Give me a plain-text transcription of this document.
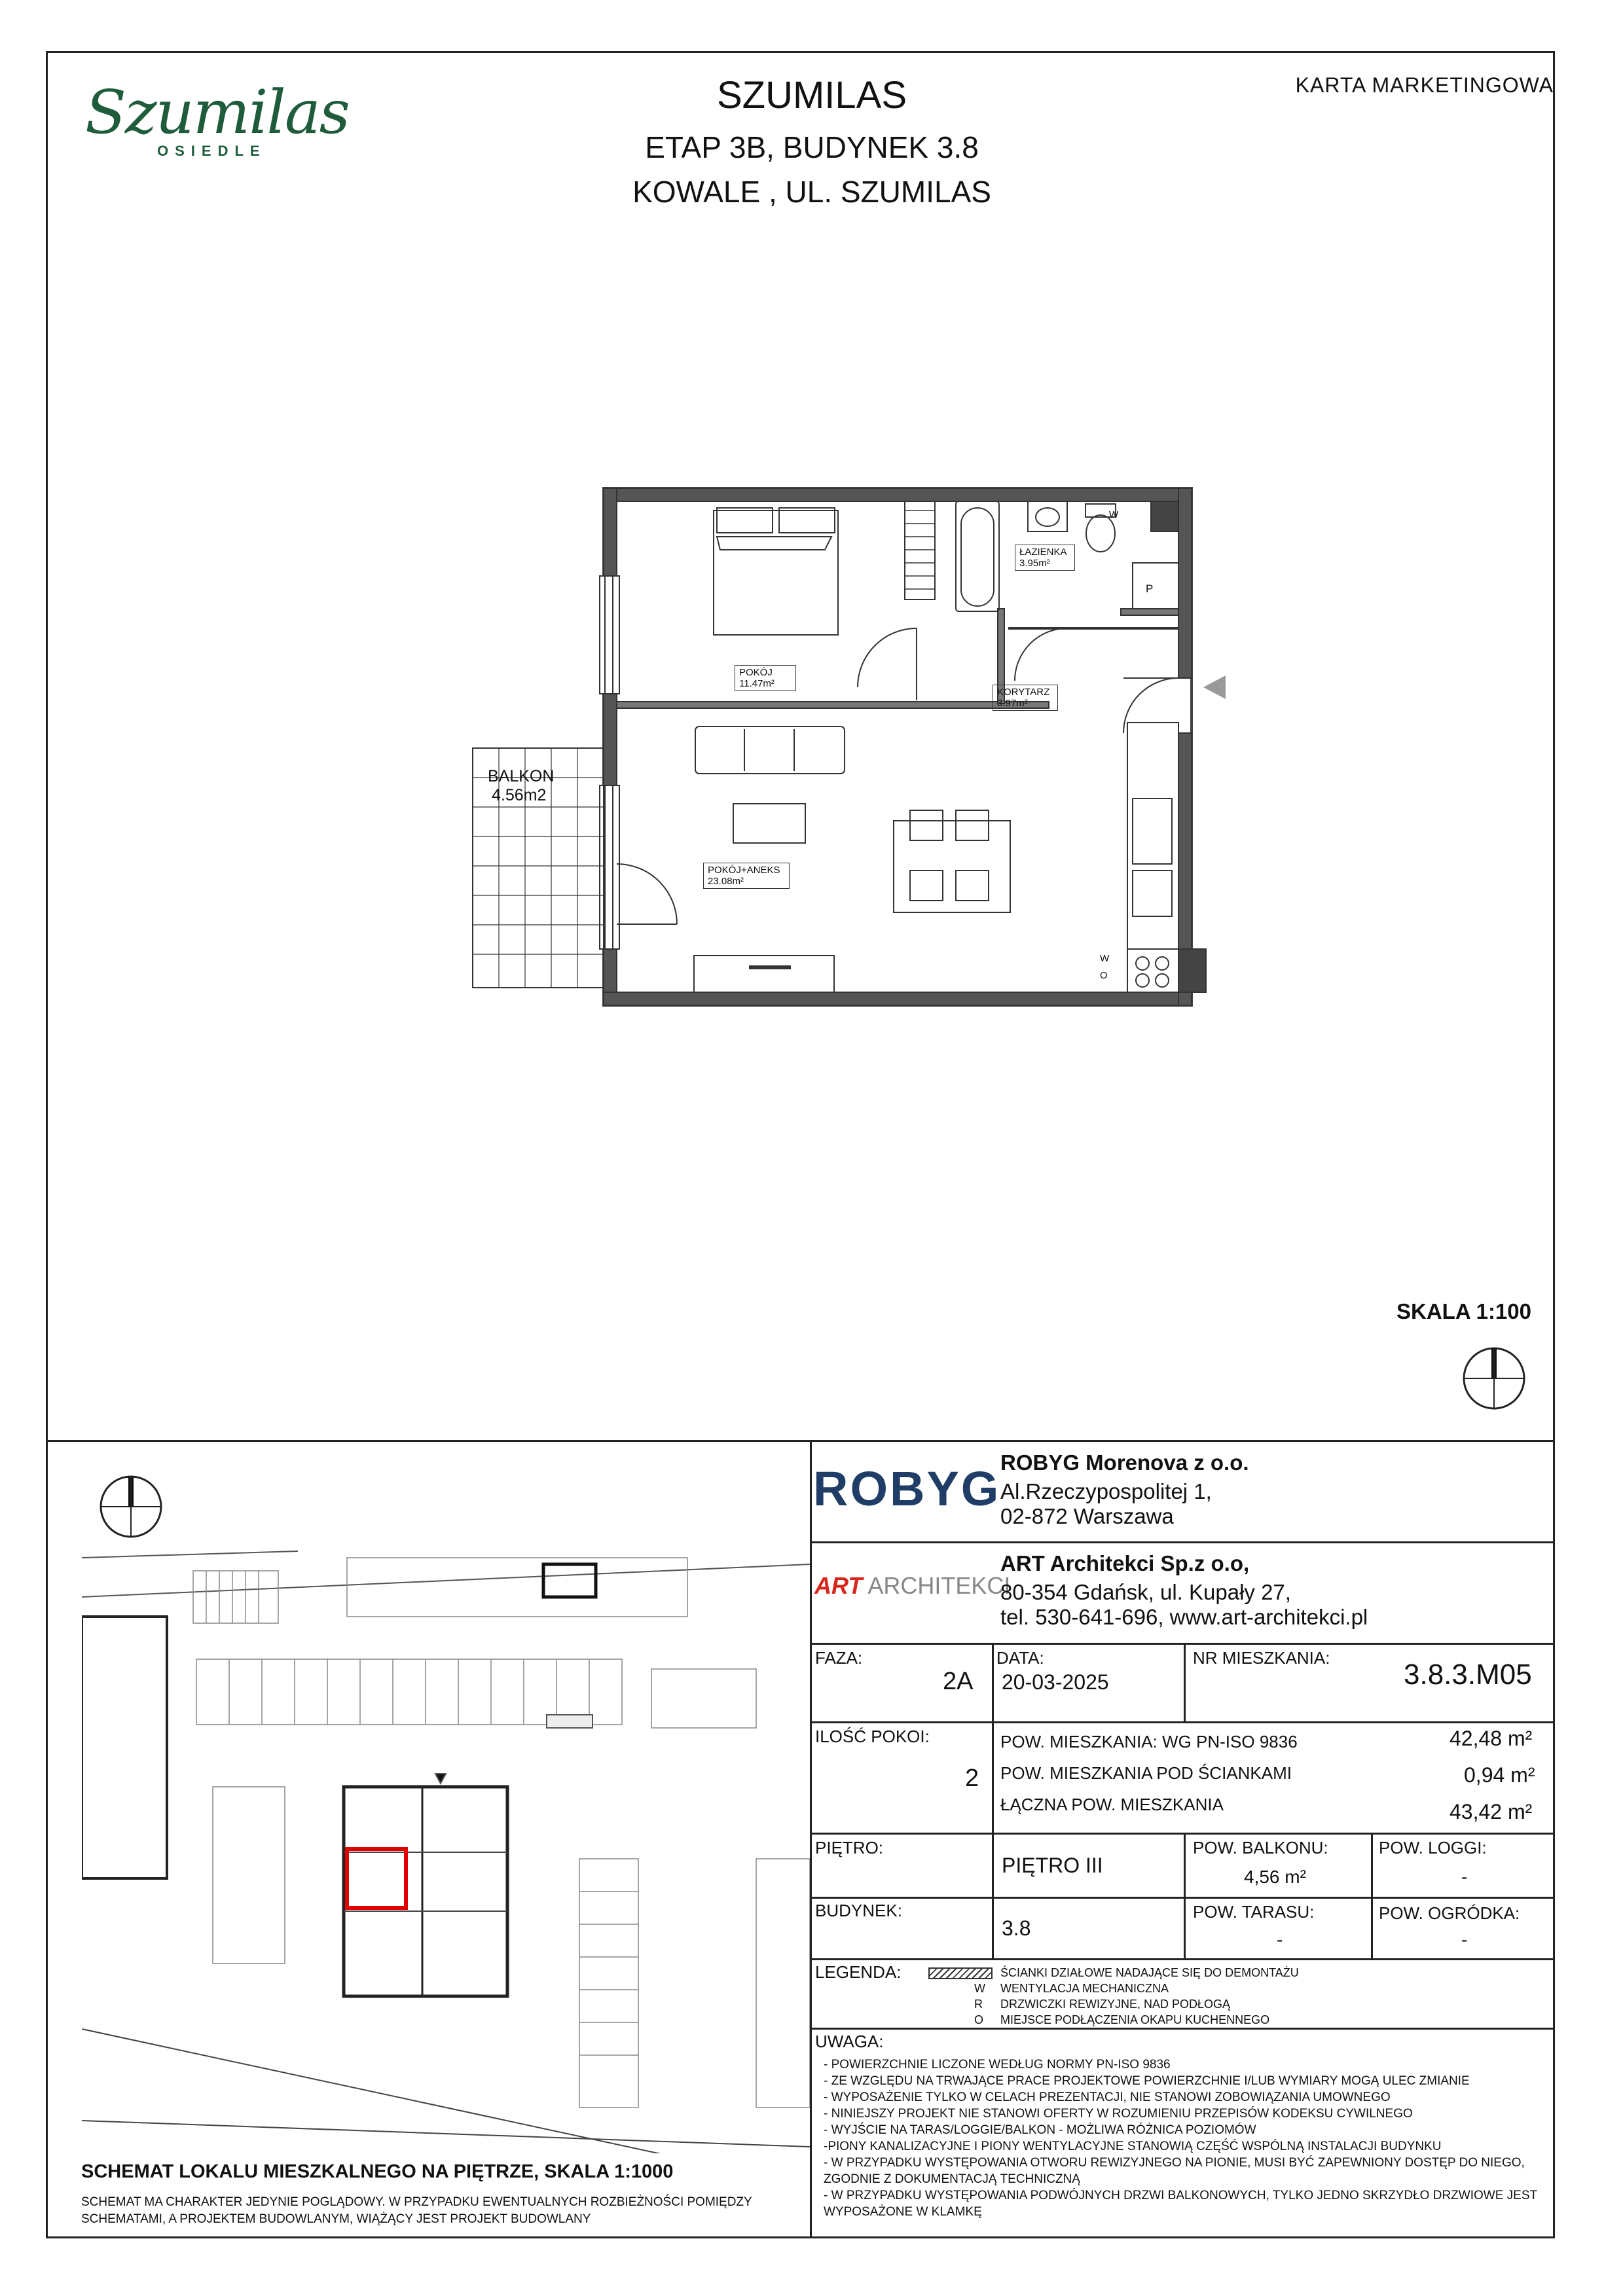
Szumilas
OSIEDLE
SZUMILAS
ETAP 3B, BUDYNEK 3.8
KOWALE , UL. SZUMILAS
KARTA MARKETINGOWA
POKÓJ
11.47m²
ŁAZIENKA
3.95m²
KORYTARZ
3.97m²
POKÓJ+ANEKS
23.08m²
BALKON
4.56m2
W
P
W
O
SKALA 1:100
SCHEMAT LOKALU MIESZKALNEGO NA PIĘTRZE, SKALA 1:1000
SCHEMAT MA CHARAKTER JEDYNIE POGLĄDOWY. W PRZYPADKU EWENTUALNYCH ROZBIEŻNOŚCI POMIĘDZY
SCHEMATAMI, A PROJEKTEM BUDOWLANYM, WIĄŻĄCY JEST PROJEKT BUDOWLANY
ROBYG ROBYG Morenova z o.o.
Al.Rzeczypospolitej 1,
02-872 Warszawa
ART ARCHITEKCI
ART Architekci Sp.z o.o,
80-354 Gdańsk, ul. Kupały 27,
tel. 530-641-696, www.art-architekci.pl
FAZA:
2A
DATA:
20-03-2025
NR MIESZKANIA:
3.8.3.M05
ILOŚĆ POKOI:
2
POW. MIESZKANIA: WG PN-ISO 9836	42,48 m²
POW. MIESZKANIA POD ŚCIANKAMI	0,94 m²
ŁĄCZNA POW. MIESZKANIA	43,42 m²
PIĘTRO:
PIĘTRO III
POW. BALKONU:
4,56 m²
POW. LOGGI:
-
BUDYNEK:
3.8
POW. TARASU:
-
POW. OGRÓDKA:
-
LEGENDA:	ŚCIANKI DZIAŁOWE NADAJĄCE SIĘ DO DEMONTAŻU
W WENTYLACJA MECHANICZNA
R DRZWICZKI REWIZYJNE, NAD PODŁOGĄ
O MIEJSCE PODŁĄCZENIA OKAPU KUCHENNEGO
UWAGA:
- POWIERZCHNIE LICZONE WEDŁUG NORMY PN-ISO 9836
- ZE WZGLĘDU NA TRWAJĄCE PRACE PROJEKTOWE POWIERZCHNIE I/LUB WYMIARY MOGĄ ULEC ZMIANIE
- WYPOSAŻENIE TYLKO W CELACH PREZENTACJI, NIE STANOWI ZOBOWIĄZANIA UMOWNEGO
- NINIEJSZY PROJEKT NIE STANOWI OFERTY W ROZUMIENIU PRZEPISÓW KODEKSU CYWILNEGO
- WYJŚCIE NA TARAS/LOGGIE/BALKON - MOŻLIWA RÓŻNICA POZIOMÓW
-PIONY KANALIZACYJNE I PIONY WENTYLACYJNE STANOWIĄ CZĘŚĆ WSPÓLNĄ INSTALACJI BUDYNKU
- W PRZYPADKU WYSTĘPOWANIA OTWORU REWIZYJNEGO NA PIONIE, MUSI BYĆ ZAPEWNIONY DOSTĘP DO NIEGO, ZGODNIE Z DOKUMENTACJĄ TECHNICZNĄ
- W PRZYPADKU WYSTĘPOWANIA PODWÓJNYCH DRZWI BALKONOWYCH, TYLKO JEDNO SKRZYDŁO DRZWIOWE JEST WYPOSAŻONE W KLAMKĘ
